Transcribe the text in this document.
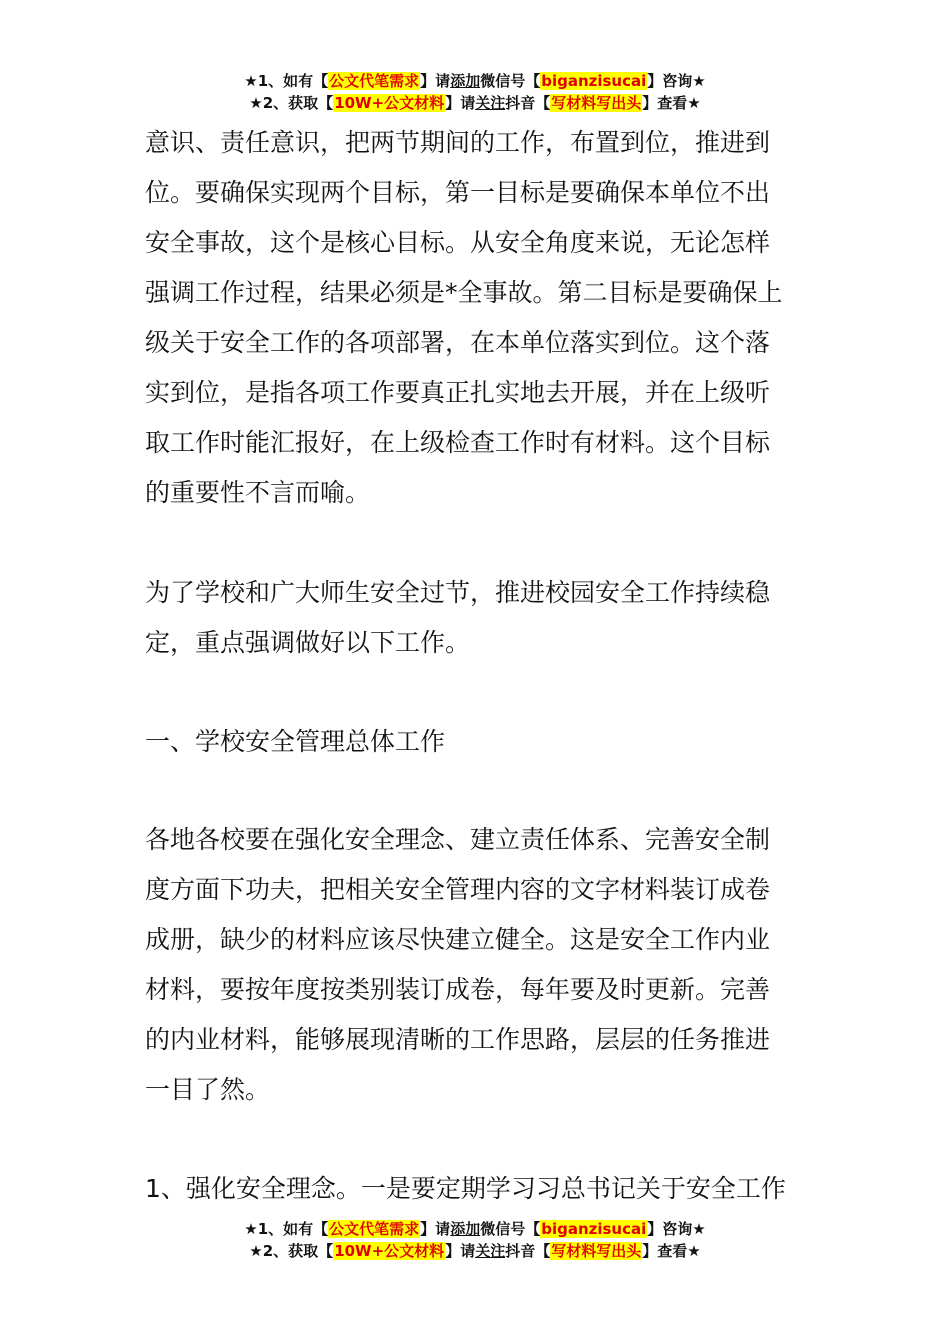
★1、如有【公文代笔需求】请添加微信号【biganzisucai】咨询★
★2、获取【10W+公文材料】请关注抖音【写材料写出头】查看★
意识、责任意识，把两节期间的工作，布置到位，推进到
位。要确保实现两个目标，第一目标是要确保本单位不出
安全事故，这个是核心目标。从安全角度来说，无论怎样
强调工作过程，结果必须是*全事故。第二目标是要确保上
级关于安全工作的各项部署，在本单位落实到位。这个落
实到位，是指各项工作要真正扎实地去开展，并在上级听
取工作时能汇报好，在上级检查工作时有材料。这个目标
的重要性不言而喻。
为了学校和广大师生安全过节，推进校园安全工作持续稳
定，重点强调做好以下工作。
一、学校安全管理总体工作
各地各校要在强化安全理念、建立责任体系、完善安全制
度方面下功夫，把相关安全管理内容的文字材料装订成卷
成册，缺少的材料应该尽快建立健全。这是安全工作内业
材料，要按年度按类别装订成卷，每年要及时更新。完善
的内业材料，能够展现清晰的工作思路，层层的任务推进
一目了然。
1、强化安全理念。一是要定期学习习总书记关于安全工作
★1、如有【公文代笔需求】请添加微信号【biganzisucai】咨询★
★2、获取【10W+公文材料】请关注抖音【写材料写出头】查看★
